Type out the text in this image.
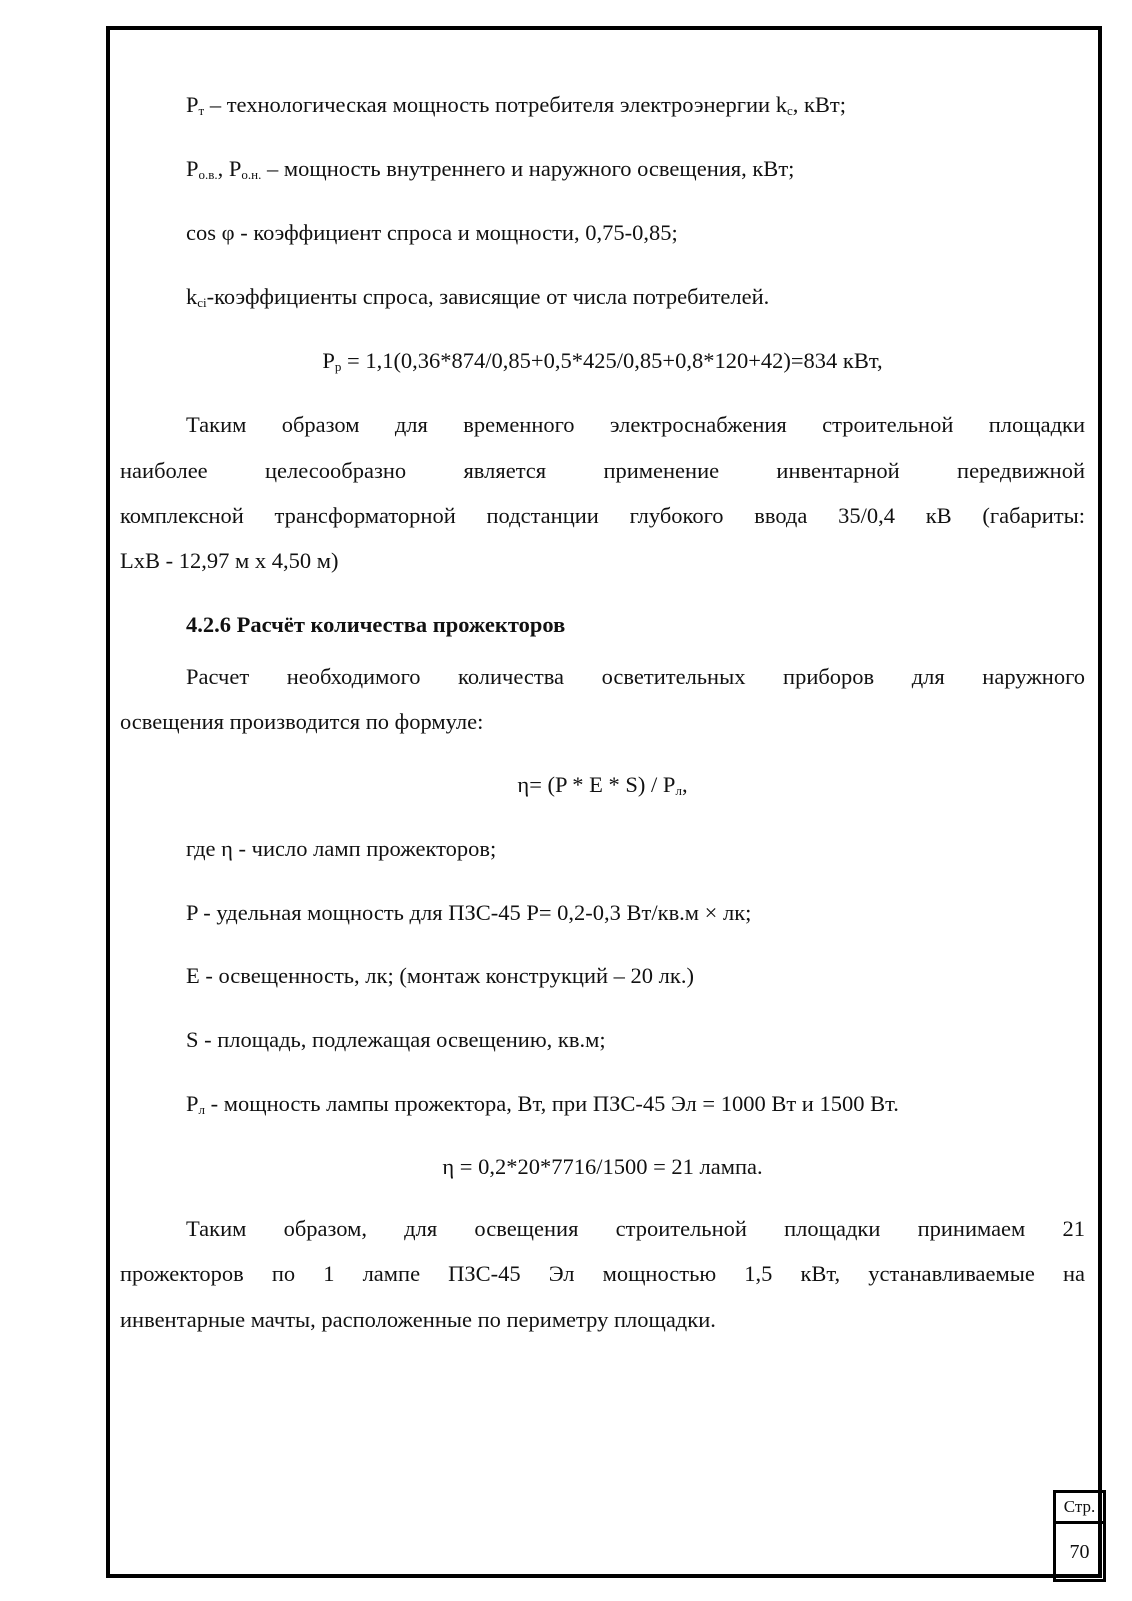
$P_т$ – технологическая мощность потребителя электроэнергии $k_c$, кВт;
$P_{о.в.}$, $P_{о.н.}$ – мощность внутреннего и наружного освещения, кВт;
cos φ - коэффициент спроса и мощности, 0,75-0,85;
$k_{ci}$-коэффициенты спроса, зависящие от числа потребителей.
$P_p = 1,1(0,36*874/0,85+0,5*425/0,85+0,8*120+42)=834$ кВт,
Таким образом для временного электроснабжения строительной площадки
наиболее целесообразно является применение инвентарной передвижной
комплексной трансформаторной подстанции глубокого ввода 35/0,4 кВ (габариты:
LxB - 12,97 м х 4,50 м)
4.2.6 Расчёт количества прожекторов
Расчет необходимого количества осветительных приборов для наружного
освещения производится по формуле:
$\eta= (P * E * S) / P_л$,
где η - число ламп прожекторов;
P - удельная мощность для ПЗС-45 P= 0,2-0,3 Вт/кв.м × лк;
E - освещенность, лк; (монтаж конструкций – 20 лк.)
S - площадь, подлежащая освещению, кв.м;
$P_л$ - мощность лампы прожектора, Вт, при ПЗС-45 Эл = 1000 Вт и 1500 Вт.
η = 0,2*20*7716/1500 = 21 лампа.
Таким образом, для освещения строительной площадки принимаем 21
прожекторов по 1 лампе ПЗС-45 Эл мощностью 1,5 кВт, устанавливаемые на
инвентарные мачты, расположенные по периметру площадки.
Стр.
70
